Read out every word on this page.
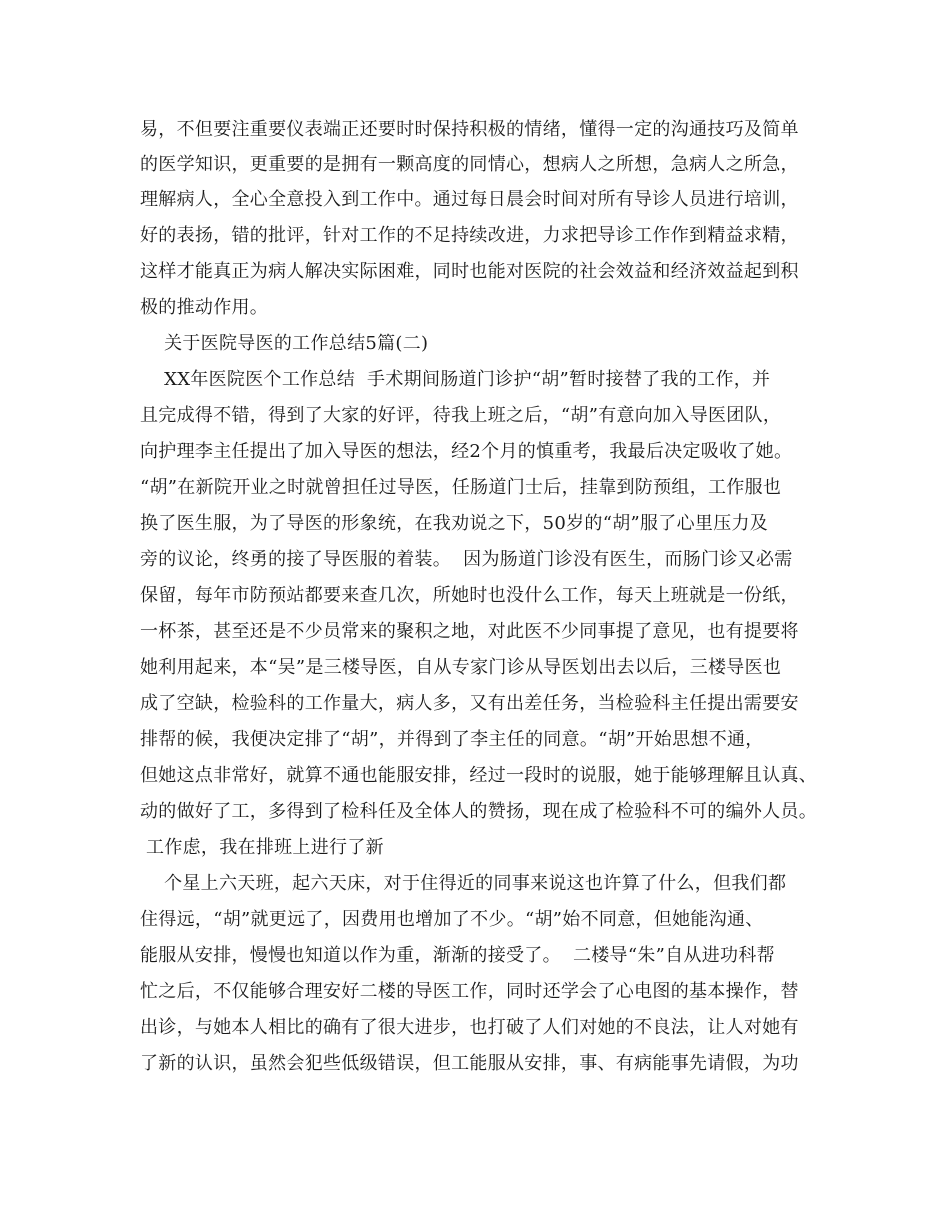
易，不但要注重要仪表端正还要时时保持积极的情绪，懂得一定的沟通技巧及简单
的医学知识，更重要的是拥有一颗高度的同情心，想病人之所想，急病人之所急，
理解病人，全心全意投入到工作中。通过每日晨会时间对所有导诊人员进行培训，
好的表扬，错的批评，针对工作的不足持续改进，力求把导诊工作作到精益求精，
这样才能真正为病人解决实际困难，同时也能对医院的社会效益和经济效益起到积
极的推动作用。
关于医院导医的工作总结5篇(二)
XX年医院医个工作总结  手术期间肠道门诊护“胡”暂时接替了我的工作，并
且完成得不错，得到了大家的好评，待我上班之后，“胡”有意向加入导医团队，
向护理李主任提出了加入导医的想法，经2个月的慎重考，我最后决定吸收了她。
“胡”在新院开业之时就曾担任过导医，任肠道门士后，挂靠到防预组，工作服也
换了医生服，为了导医的形象统，在我劝说之下，50岁的“胡”服了心里压力及
旁的议论，终勇的接了导医服的着装。  因为肠道门诊没有医生，而肠门诊又必需
保留，每年市防预站都要来查几次，所她时也没什么工作，每天上班就是一份纸，
一杯茶，甚至还是不少员常来的聚积之地，对此医不少同事提了意见，也有提要将
她利用起来，本“吴”是三楼导医，自从专家门诊从导医划出去以后，三楼导医也
成了空缺，检验科的工作量大，病人多，又有出差任务，当检验科主任提出需要安
排帮的候，我便决定排了“胡”，并得到了李主任的同意。“胡”开始思想不通，
但她这点非常好，就算不通也能服安排，经过一段时的说服，她于能够理解且认真、
动的做好了工，多得到了检科任及全体人的赞扬，现在成了检验科不可的编外人员。
工作虑，我在排班上进行了新
个星上六天班，起六天床，对于住得近的同事来说这也许算了什么，但我们都
住得远，“胡”就更远了，因费用也增加了不少。“胡”始不同意，但她能沟通、
能服从安排，慢慢也知道以作为重，渐渐的接受了。  二楼导“朱”自从进功科帮
忙之后，不仅能够合理安好二楼的导医工作，同时还学会了心电图的基本操作，替
出诊，与她本人相比的确有了很大进步，也打破了人们对她的不良法，让人对她有
了新的认识，虽然会犯些低级错误，但工能服从安排，事、有病能事先请假，为功
